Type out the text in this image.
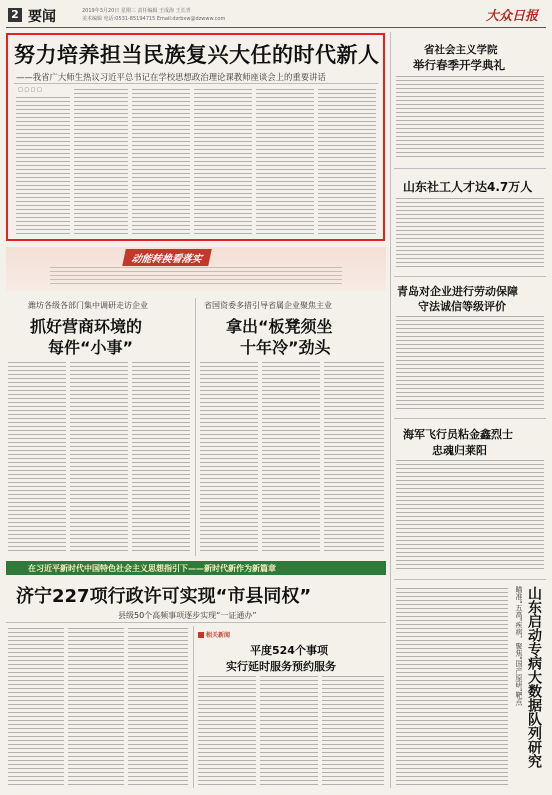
2 要闻	2019年3月20日 星期三 责任编辑 王成海 王长青
美术编辑 电话:0531-85194715 Email:dzrbxw@dzwww.com	大众日报
努力培养担当民族复兴大任的时代新人
——我省广大师生热议习近平总书记在学校思想政治理论课教师座谈会上的重要讲话
□ □ □ □
省社会主义学院
举行春季开学典礼
山东社工人才达4.7万人
青岛对企业进行劳动保障
守法诚信等级评价
海军飞行员粘金鑫烈士
忠魂归莱阳
瞄准“五高”疾病，聚焦“国产原研”靶点 山东启动专病大数据队列研究
动能转换看落实
潍坊各级各部门集中调研走访企业
抓好营商环境的
每件“小事”
省国资委多措引导省属企业聚焦主业
拿出“板凳须坐
十年冷”劲头
在习近平新时代中国特色社会主义思想指引下——新时代新作为新篇章
济宁227项行政许可实现“市县同权”
县级50个高频事项逐步实现“一证通办”
相关新闻
平度524个事项
实行延时服务预约服务
